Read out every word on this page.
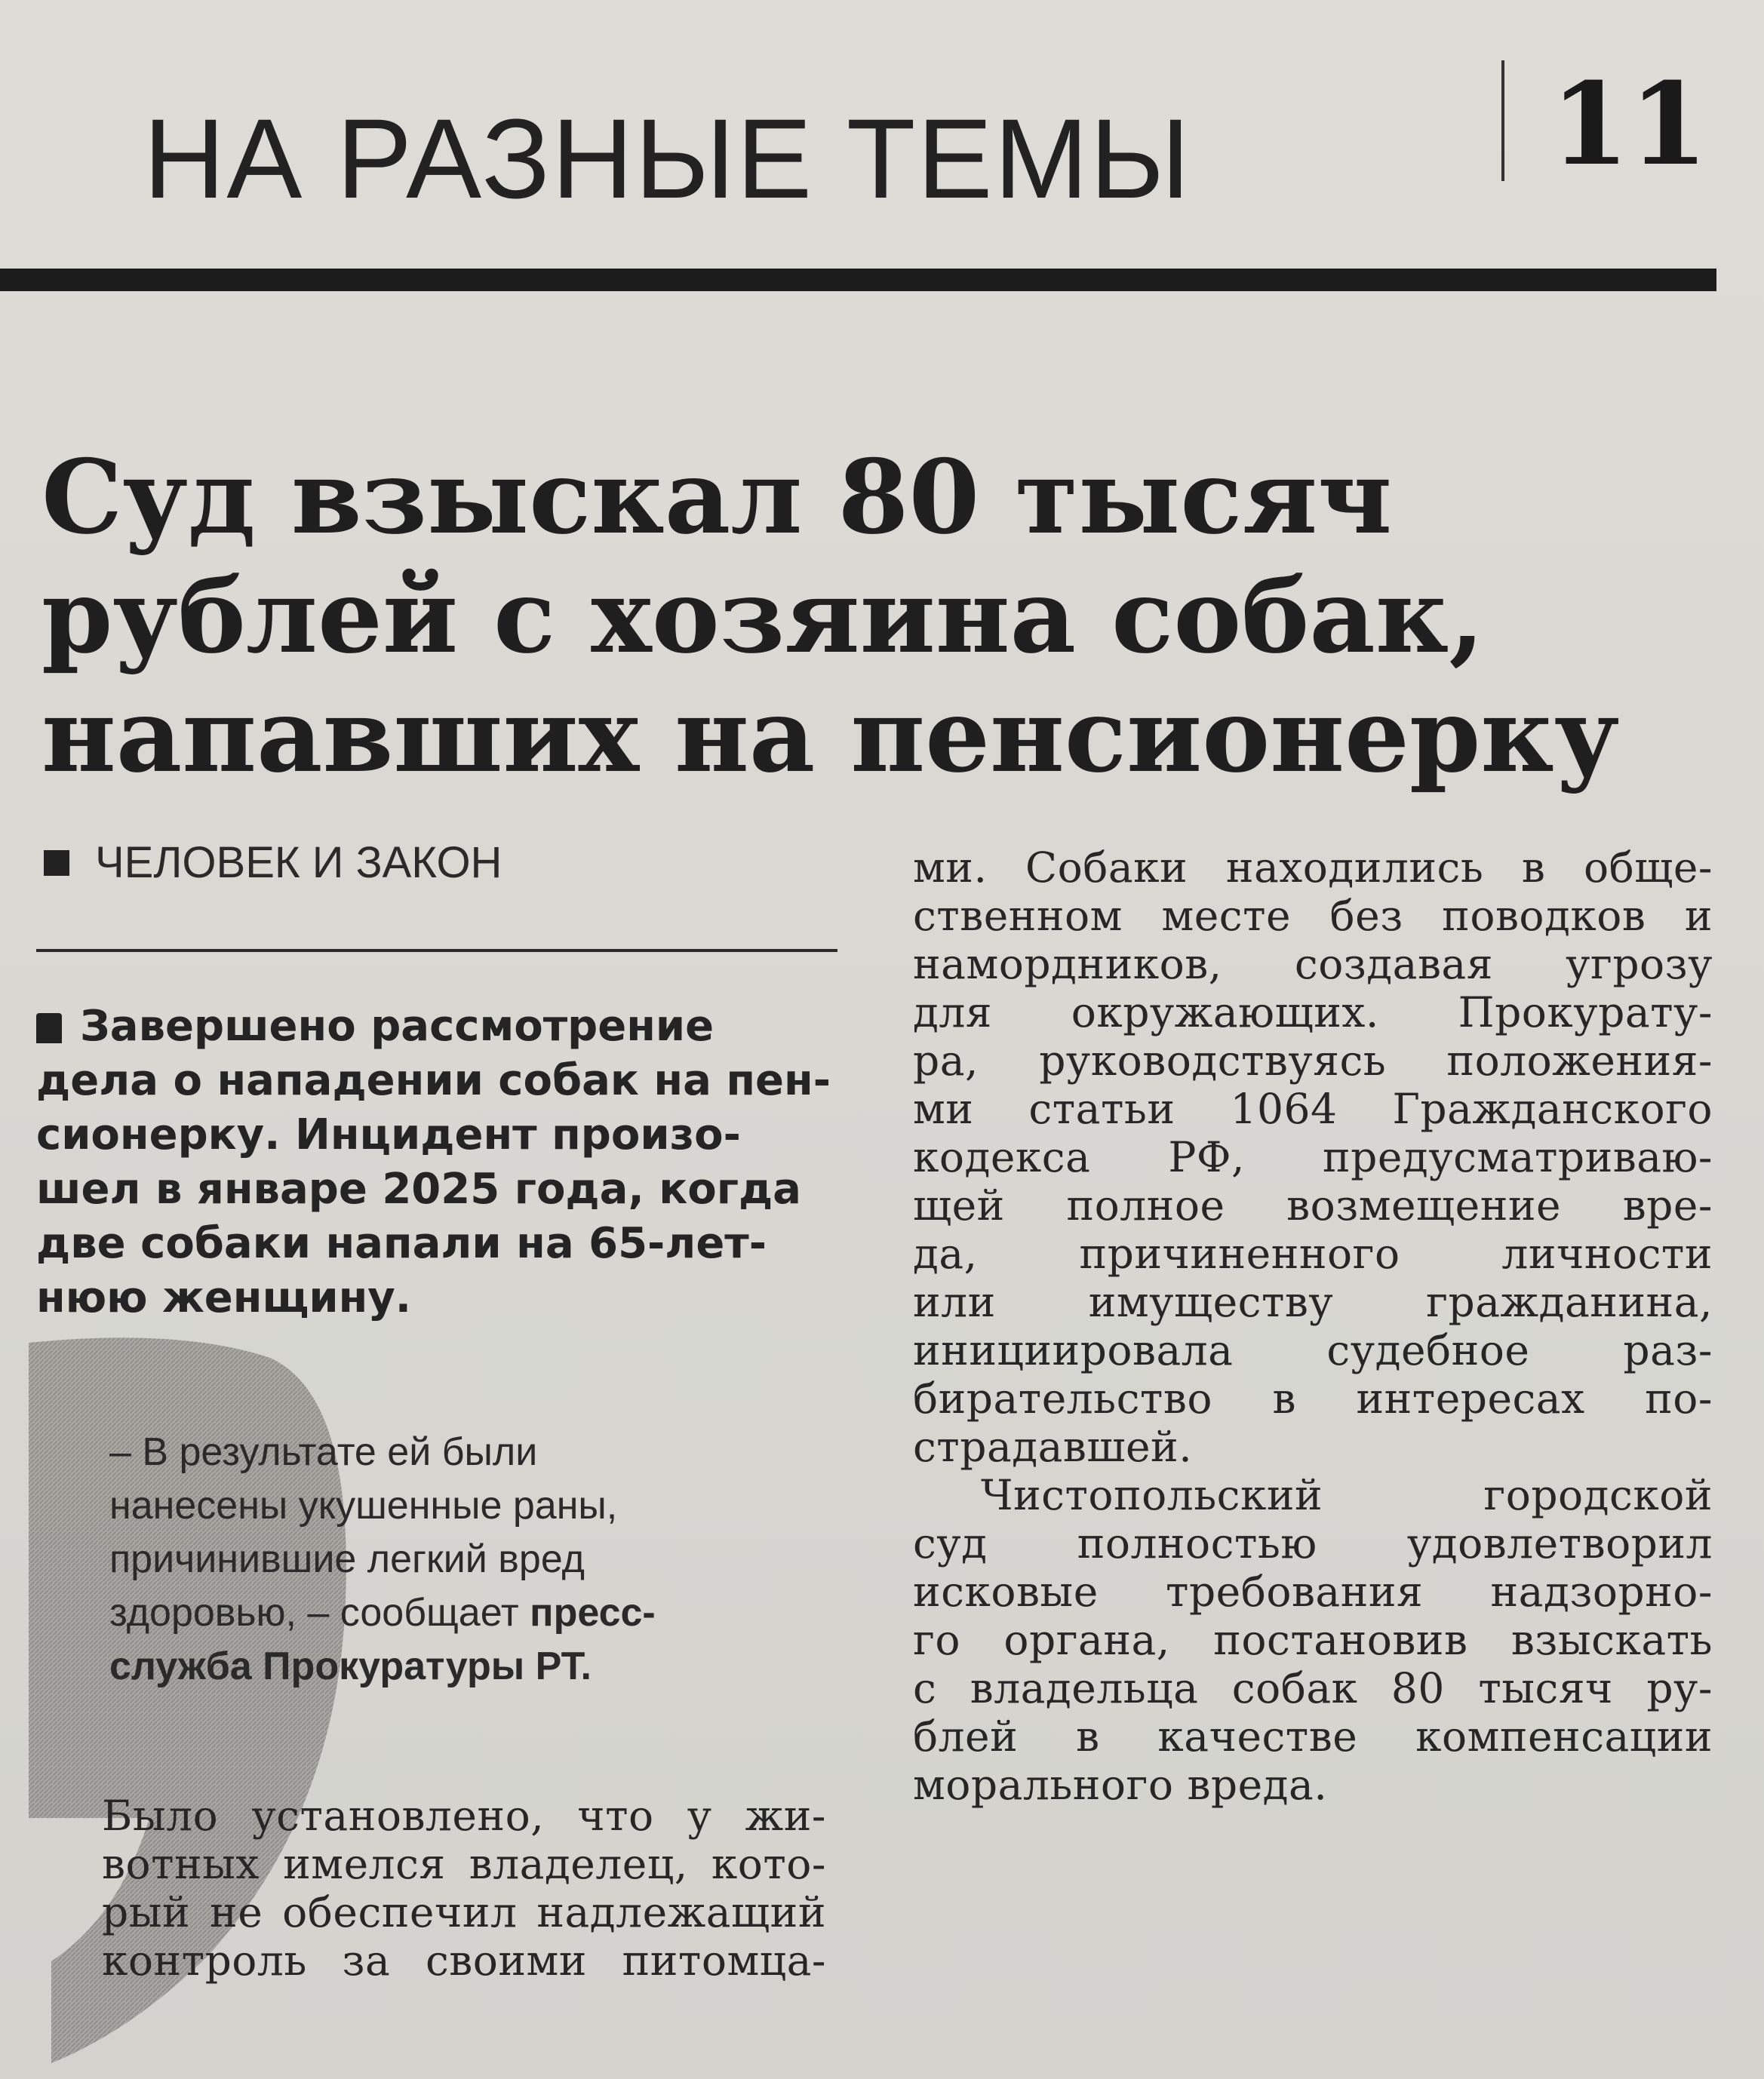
НА РАЗНЫЕ ТЕМЫ	11
Суд взыскал 80 тысяч
рублей с хозяина собак,
напавших на пенсионерку
ЧЕЛОВЕК И ЗАКОН
Завершено рассмотрение
дела о нападении собак на пен-
сионерку. Инцидент произо-
шел в январе 2025 года, когда
две собаки напали на 65-лет-
нюю женщину.
– В результате ей были
нанесены укушенные раны,
причинившие легкий вред
здоровью, – сообщает пресс-
служба Прокуратуры РТ.
Было установлено, что у жи-
вотных имелся владелец, кото-
рый не обеспечил надлежащий
контроль за своими питомца-
ми. Собаки находились в обще-
ственном месте без поводков и
намордников, создавая угрозу
для окружающих. Прокурату-
ра, руководствуясь положения-
ми статьи 1064 Гражданского
кодекса РФ, предусматриваю-
щей полное возмещение вре-
да, причиненного личности
или имуществу гражданина,
инициировала судебное раз-
бирательство в интересах по-
страдавшей.
Чистопольский городской
суд полностью удовлетворил
исковые требования надзорно-
го органа, постановив взыскать
с владельца собак 80 тысяч ру-
блей в качестве компенсации
морального вреда.
